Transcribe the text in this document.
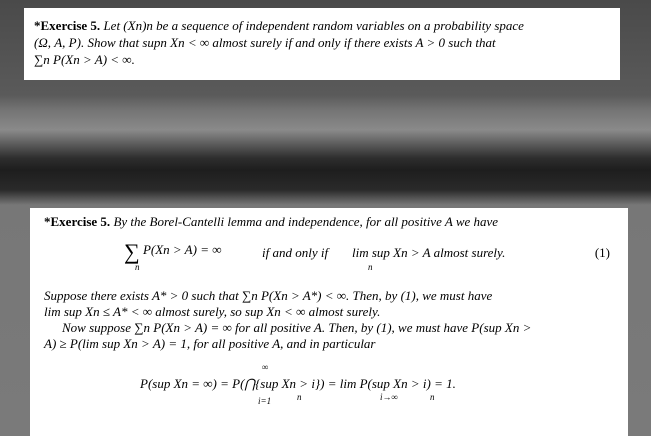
*Exercise 5. Let (Xn)n be a sequence of independent random variables on a probability space
(Ω, A, P). Show that supn Xn < ∞ almost surely if and only if there exists A > 0 such that
∑n P(Xn > A) < ∞.
*Exercise 5. By the Borel-Cantelli lemma and independence, for all positive A we have
∑ P(Xn > A) = ∞
n
if and only if lim sup Xn > A almost surely.
n
(1)
Suppose there exists A* > 0 such that ∑n P(Xn > A*) < ∞. Then, by (1), we must have
lim sup Xn ≤ A* < ∞ almost surely, so sup Xn < ∞ almost surely.
Now suppose ∑n P(Xn > A) = ∞ for all positive A. Then, by (1), we must have P(sup Xn >
A) ≥ P(lim sup Xn > A) = 1, for all positive A, and in particular
∞
P(sup Xn = ∞) = P(⋂{sup Xn > i}) = lim P(sup Xn > i) = 1.
i=1	n	i→∞	n
